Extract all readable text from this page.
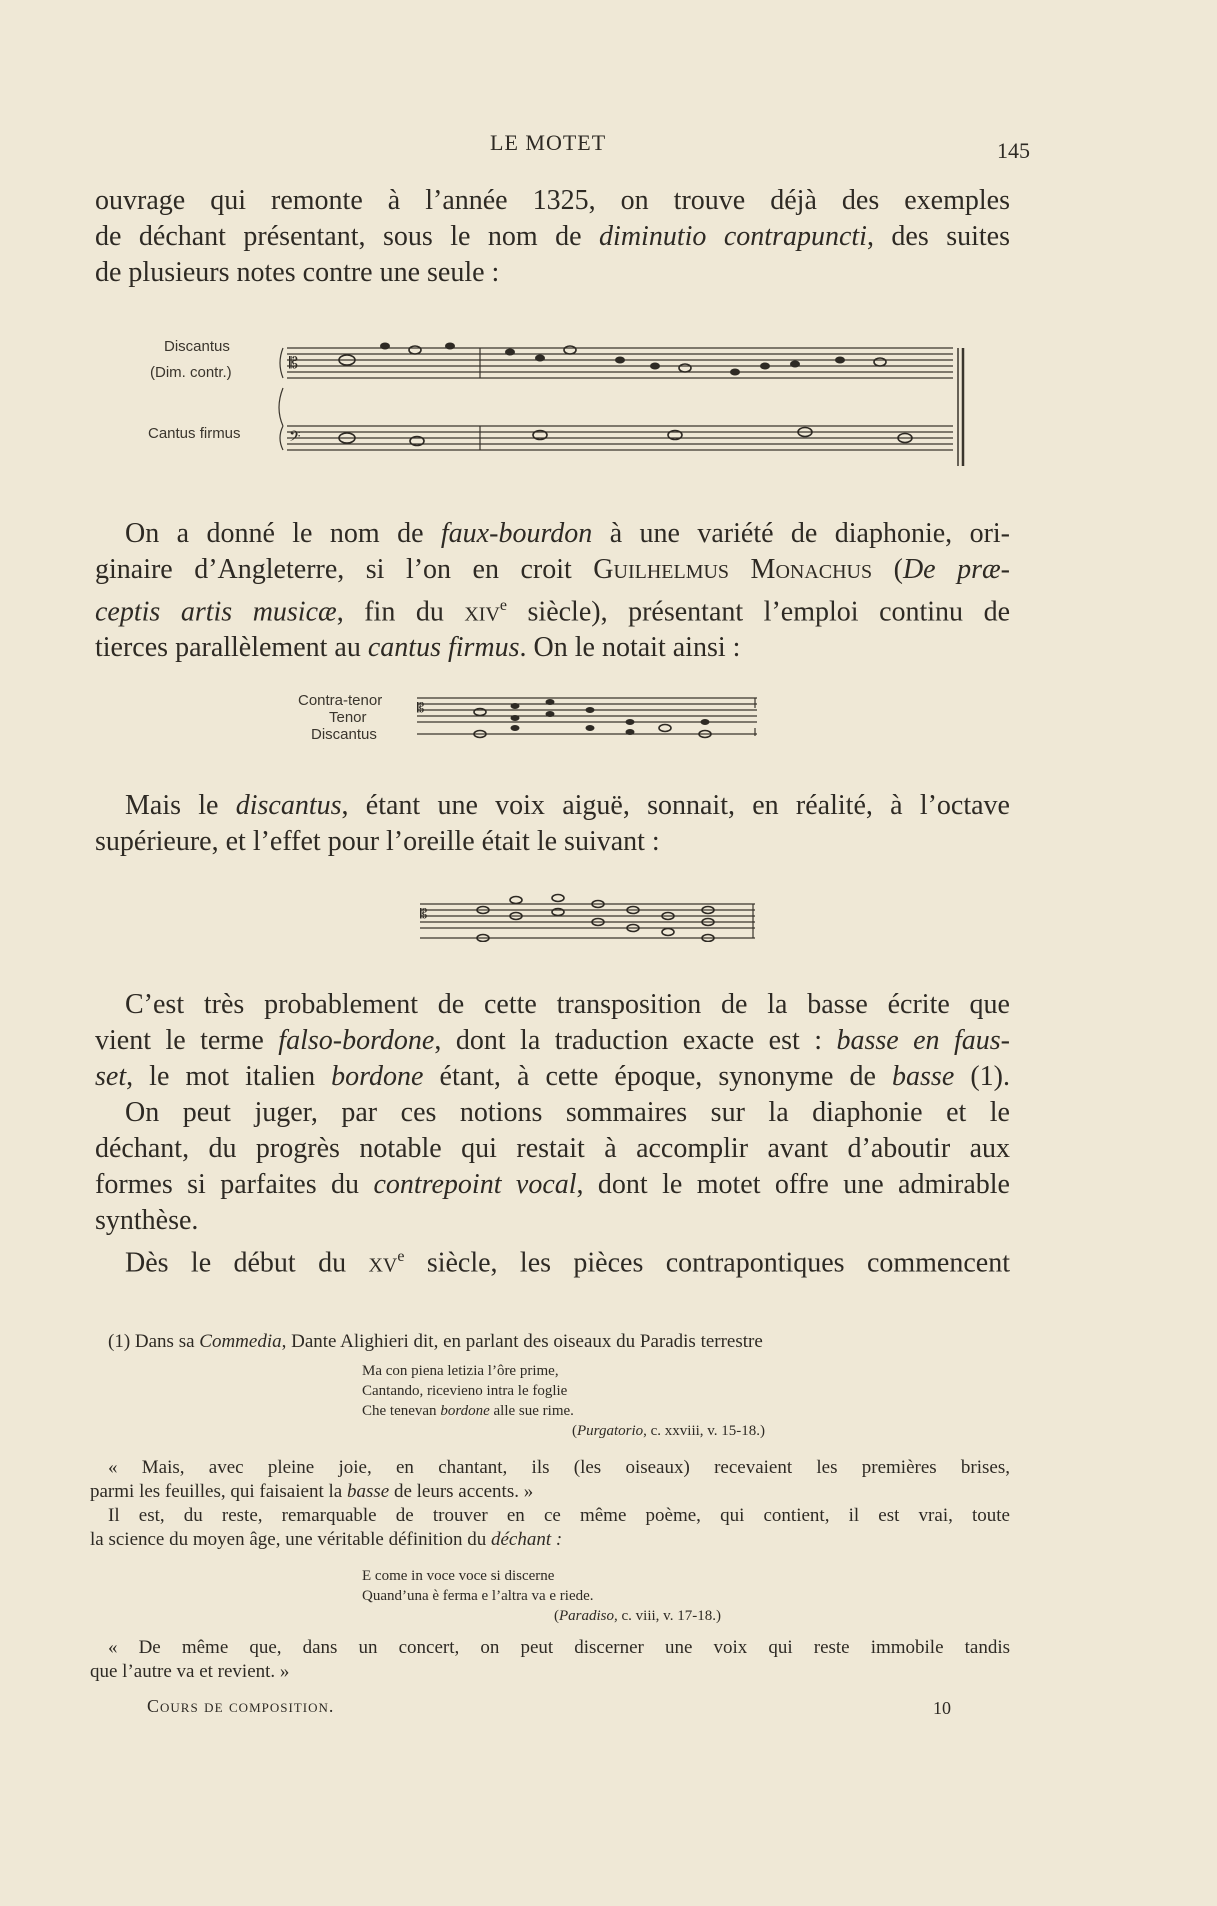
LE MOTET	145
ouvrage qui remonte à l’année 1325, on trouve déjà des exemples
de déchant présentant, sous le nom de diminutio contrapuncti, des suites
de plusieurs notes contre une seule :
Discantus
(Dim. contr.)
Cantus firmus
𝄡
𝄢
On a donné le nom de faux-bourdon à une variété de diaphonie, ori-
ginaire d’Angleterre, si l’on en croit Guilhelmus Monachus (De præ-
ceptis artis musicæ, fin du xiv$^e$ siècle), présentant l’emploi continu de
tierces parallèlement au cantus firmus. On le notait ainsi :
Contra-tenor
Tenor
Discantus
𝄡
Mais le discantus, étant une voix aiguë, sonnait, en réalité, à l’octave
supérieure, et l’effet pour l’oreille était le suivant :
𝄡
C’est très probablement de cette transposition de la basse écrite que
vient le terme falso-bordone, dont la traduction exacte est : basse en faus-
set, le mot italien bordone étant, à cette époque, synonyme de basse (1).
On peut juger, par ces notions sommaires sur la diaphonie et le
déchant, du progrès notable qui restait à accomplir avant d’aboutir aux
formes si parfaites du contrepoint vocal, dont le motet offre une admirable
synthèse.
Dès le début du $xv^e$ siècle, les pièces contrapontiques commencent
(1) Dans sa Commedia, Dante Alighieri dit, en parlant des oiseaux du Paradis terrestre
Ma con piena letizia l’ôre prime,
Cantando, ricevieno intra le foglie
Che tenevan bordone alle sue rime.
(Purgatorio, c. xxviii, v. 15-18.)
« Mais, avec pleine joie, en chantant, ils (les oiseaux) recevaient les premières brises,
parmi les feuilles, qui faisaient la basse de leurs accents. »
Il est, du reste, remarquable de trouver en ce même poème, qui contient, il est vrai, toute
la science du moyen âge, une véritable définition du déchant :
E come in voce voce si discerne
Quand’una è ferma e l’altra va e riede.
(Paradiso, c. viii, v. 17-18.)
« De même que, dans un concert, on peut discerner une voix qui reste immobile tandis
que l’autre va et revient. »
Cours de composition.	10
